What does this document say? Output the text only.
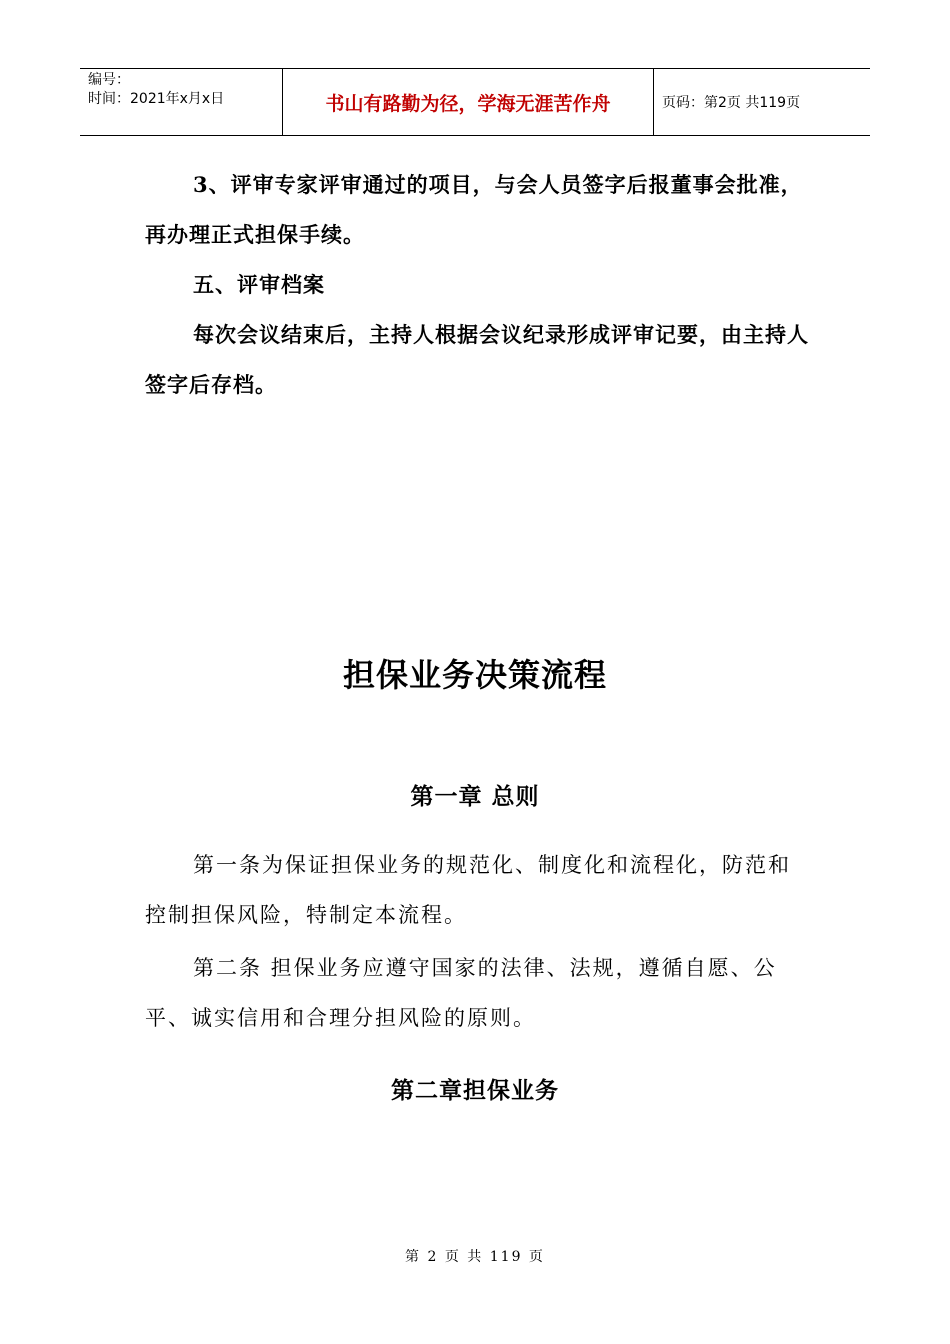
编号：
时间：2021年x月x日	书山有路勤为径，学海无涯苦作舟	页码：第2页 共119页
3、评审专家评审通过的项目，与会人员签字后报董事会批准，再办理正式担保手续。
五、评审档案
每次会议结束后，主持人根据会议纪录形成评审记要，由主持人签字后存档。
担保业务决策流程
第一章 总则
第一条为保证担保业务的规范化、制度化和流程化，防范和控制担保风险，特制定本流程。
第二条 担保业务应遵守国家的法律、法规，遵循自愿、公平、诚实信用和合理分担风险的原则。
第二章担保业务
第 2 页 共 119 页
